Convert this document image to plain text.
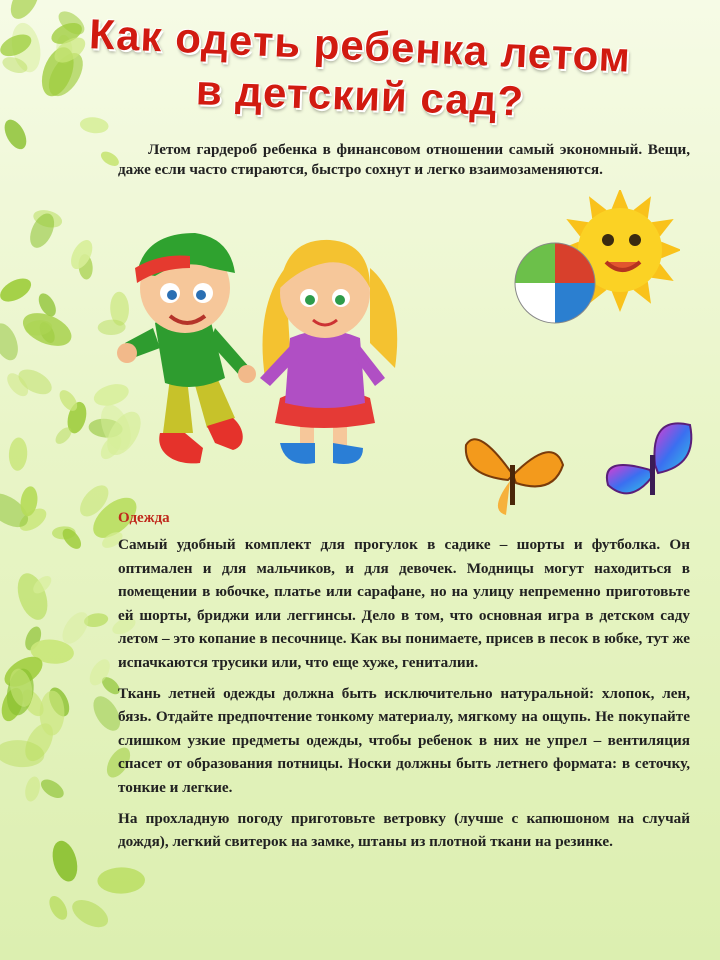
Как одеть ребенка летом
в детский сад?
Летом гардероб ребенка в финансовом отношении самый экономный. Вещи, даже если часто стираются, быстро сохнут и легко взаимозаменяются.
Одежда

Самый удобный комплект для прогулок в садике – шорты и футболка. Он оптимален и для мальчиков, и для девочек. Модницы могут находиться в помещении в юбочке, платье или сарафане, но на улицу непременно приготовьте ей шорты, бриджи или леггинсы. Дело в том, что основная игра в детском саду летом – это копание в песочнице. Как вы понимаете, присев в песок в юбке, тут же испачкаются трусики или, что еще хуже, гениталии.

Ткань летней одежды должна быть исключительно натуральной: хлопок, лен, бязь. Отдайте предпочтение тонкому материалу, мягкому на ощупь. Не покупайте слишком узкие предметы одежды, чтобы ребенок в них не упрел – вентиляция спасет от образования потницы. Носки должны быть летнего формата: в сеточку, тонкие и легкие.

На прохладную погоду приготовьте ветровку (лучше с капюшоном на случай дождя), легкий свитерок на замке, штаны из плотной ткани на резинке.
